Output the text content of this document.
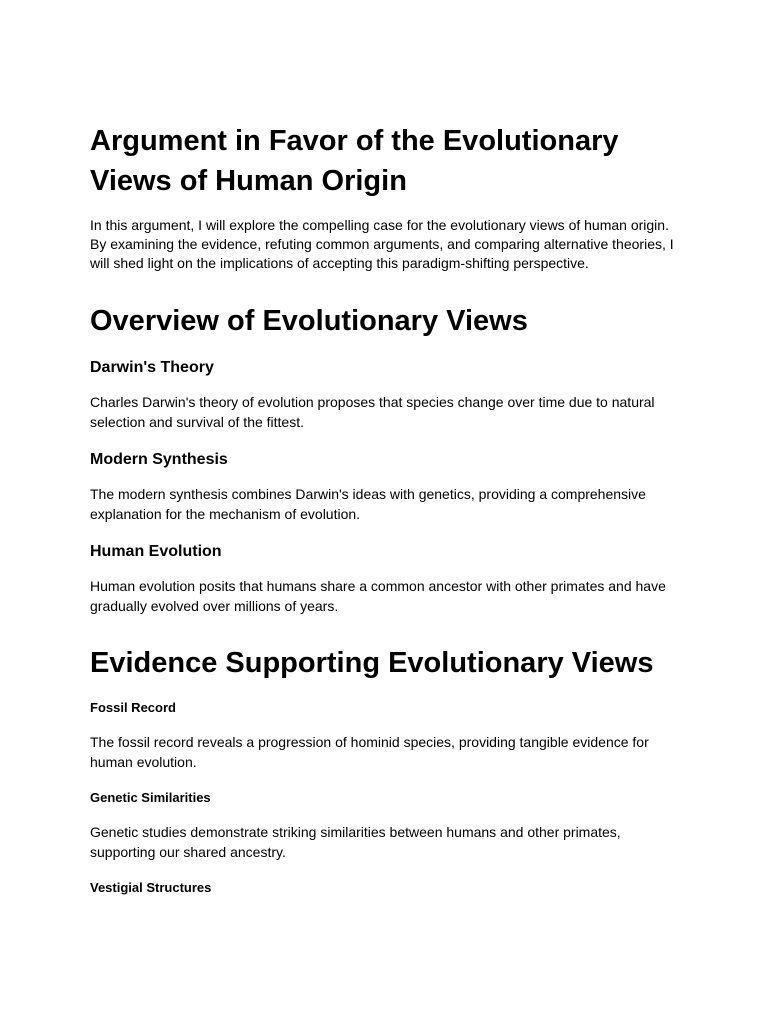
Argument in Favor of the Evolutionary Views of Human Origin

In this argument, I will explore the compelling case for the evolutionary views of human origin. By examining the evidence, refuting common arguments, and comparing alternative theories, I will shed light on the implications of accepting this paradigm-shifting perspective.

Overview of Evolutionary Views
Darwin's Theory

Charles Darwin's theory of evolution proposes that species change over time due to natural selection and survival of the fittest.

Modern Synthesis

The modern synthesis combines Darwin's ideas with genetics, providing a comprehensive explanation for the mechanism of evolution.

Human Evolution

Human evolution posits that humans share a common ancestor with other primates and have gradually evolved over millions of years.

Evidence Supporting Evolutionary Views
Fossil Record

The fossil record reveals a progression of hominid species, providing tangible evidence for human evolution.

Genetic Similarities

Genetic studies demonstrate striking similarities between humans and other primates, supporting our shared ancestry.

Vestigial Structures
